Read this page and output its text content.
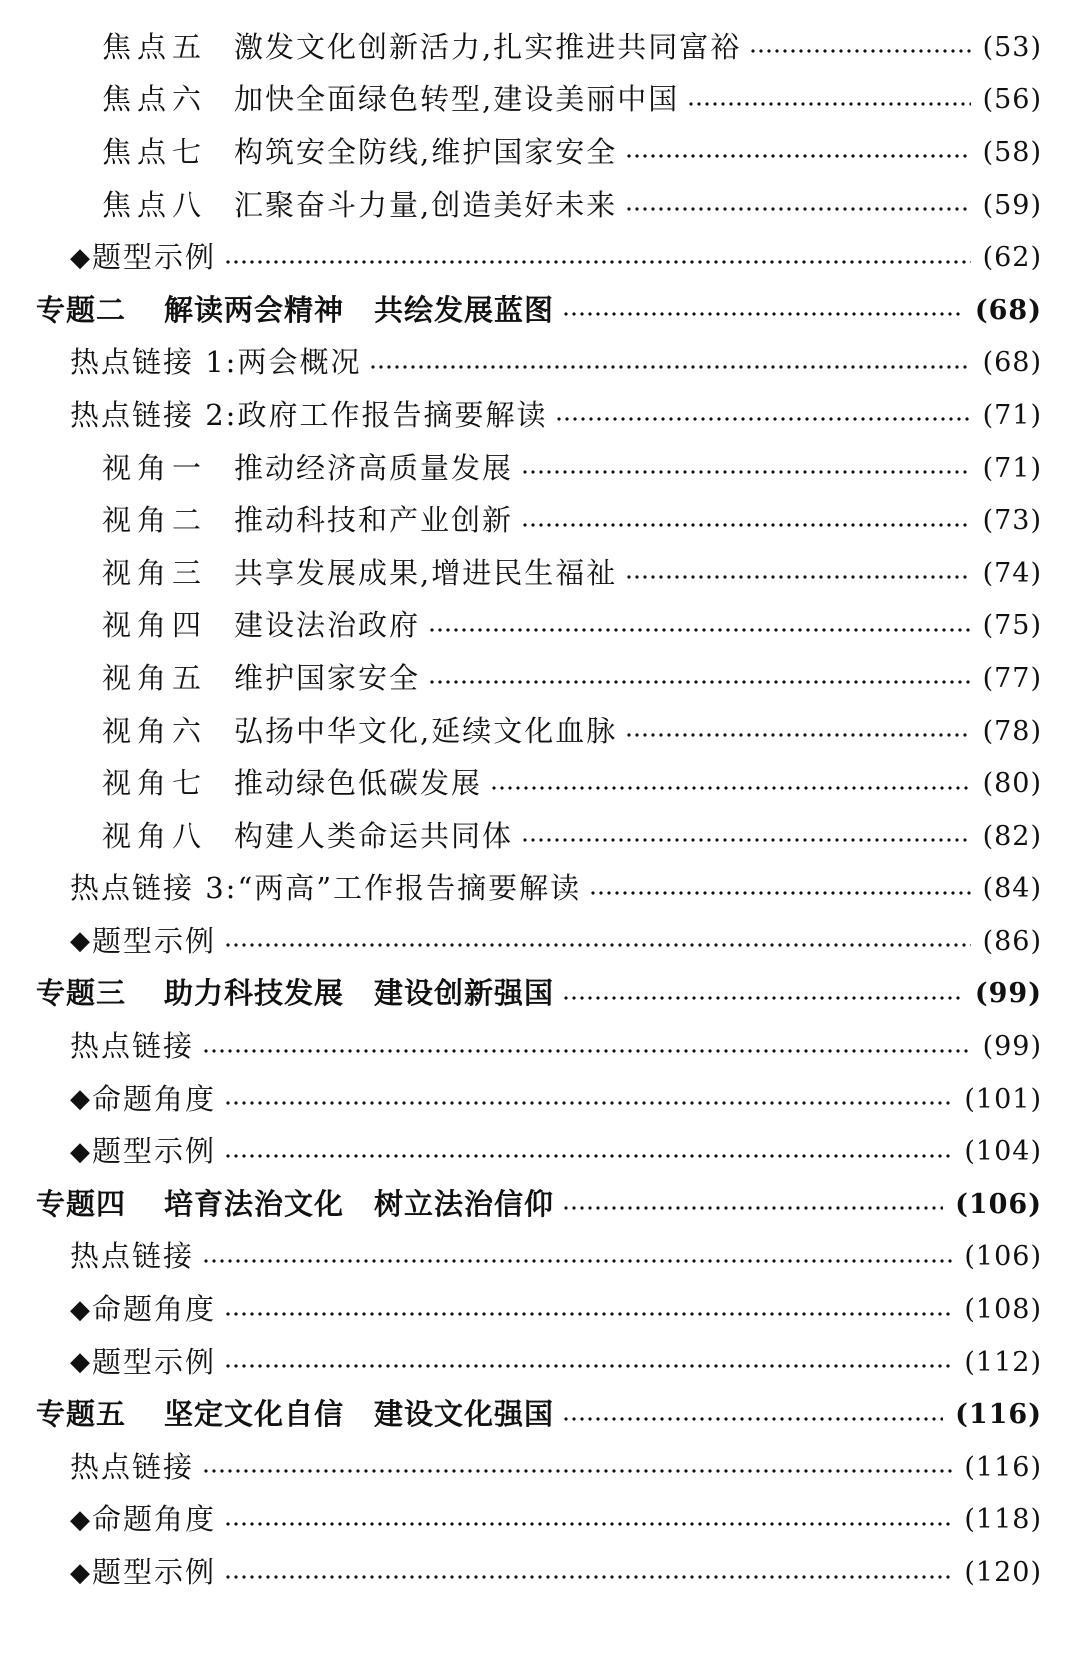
焦点五 激发文化创新活力,扎实推进共同富裕	(53)
焦点六 加快全面绿色转型,建设美丽中国	(56)
焦点七 构筑安全防线,维护国家安全	(58)
焦点八 汇聚奋斗力量,创造美好未来	(59)
◆ 题型示例	(62)
专题二	解读两会精神　共绘发展蓝图	(68)
热点链接 1:两会概况	(68)
热点链接 2:政府工作报告摘要解读	(71)
视角一 推动经济高质量发展	(71)
视角二 推动科技和产业创新	(73)
视角三 共享发展成果,增进民生福祉	(74)
视角四 建设法治政府	(75)
视角五 维护国家安全	(77)
视角六 弘扬中华文化,延续文化血脉	(78)
视角七 推动绿色低碳发展	(80)
视角八 构建人类命运共同体	(82)
热点链接 3:“两高”工作报告摘要解读	(84)
◆ 题型示例	(86)
专题三	助力科技发展　建设创新强国	(99)
热点链接	(99)
◆ 命题角度	(101)
◆ 题型示例	(104)
专题四	培育法治文化　树立法治信仰	(106)
热点链接	(106)
◆ 命题角度	(108)
◆ 题型示例	(112)
专题五	坚定文化自信　建设文化强国	(116)
热点链接	(116)
◆ 命题角度	(118)
◆ 题型示例	(120)
